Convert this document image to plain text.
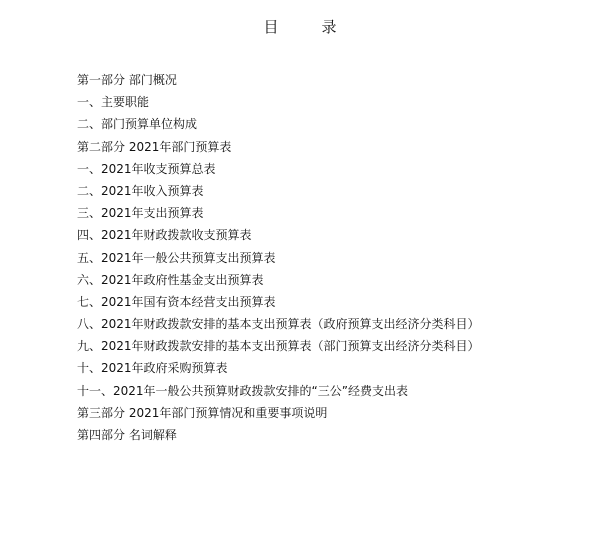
目　录
第一部分 部门概况
一、主要职能
二、部门预算单位构成
第二部分 2021年部门预算表
一、2021年收支预算总表
二、2021年收入预算表
三、2021年支出预算表
四、2021年财政拨款收支预算表
五、2021年一般公共预算支出预算表
六、2021年政府性基金支出预算表
七、2021年国有资本经营支出预算表
八、2021年财政拨款安排的基本支出预算表（政府预算支出经济分类科目）
九、2021年财政拨款安排的基本支出预算表（部门预算支出经济分类科目）
十、2021年政府采购预算表
十一、2021年一般公共预算财政拨款安排的“三公”经费支出表
第三部分 2021年部门预算情况和重要事项说明
第四部分 名词解释
